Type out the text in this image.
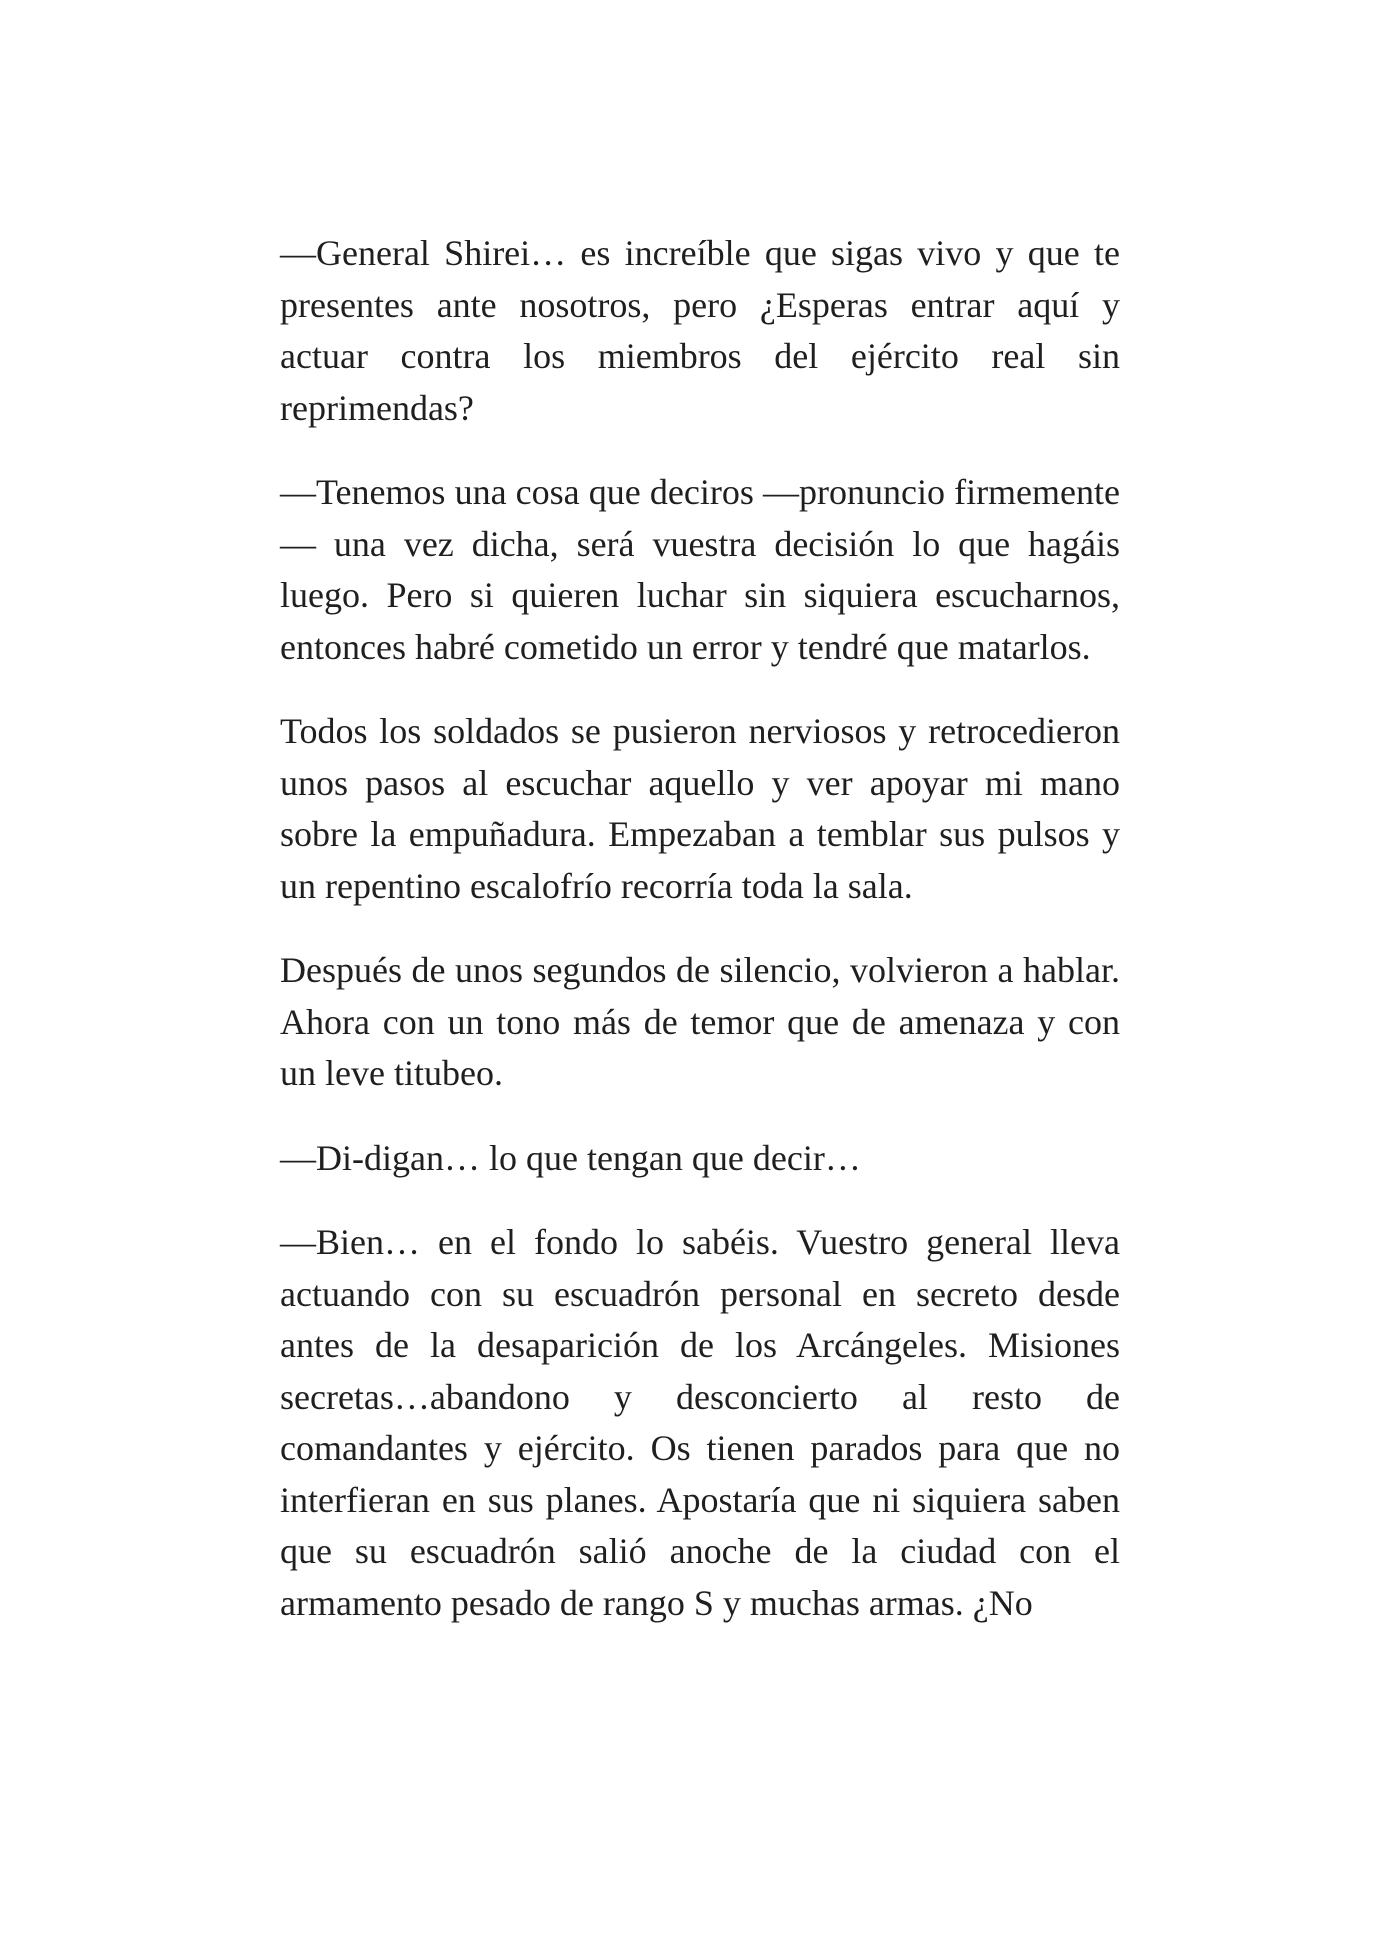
—General Shirei… es increíble que sigas vivo y que te presentes ante nosotros, pero ¿Esperas entrar aquí y actuar contra los miembros del ejército real sin reprimendas?

—Tenemos una cosa que deciros —pronuncio firmemente— una vez dicha, será vuestra decisión lo que hagáis luego. Pero si quieren luchar sin siquiera escucharnos, entonces habré cometido un error y tendré que matarlos.

Todos los soldados se pusieron nerviosos y retrocedieron unos pasos al escuchar aquello y ver apoyar mi mano sobre la empuñadura. Empezaban a temblar sus pulsos y un repentino escalofrío recorría toda la sala.

Después de unos segundos de silencio, volvieron a hablar. Ahora con un tono más de temor que de amenaza y con un leve titubeo.

—Di-digan… lo que tengan que decir…

—Bien… en el fondo lo sabéis. Vuestro general lleva actuando con su escuadrón personal en secreto desde antes de la desaparición de los Arcángeles. Misiones secretas…abandono y desconcierto al resto de comandantes y ejército. Os tienen parados para que no interfieran en sus planes. Apostaría que ni siquiera saben que su escuadrón salió anoche de la ciudad con el armamento pesado de rango S y muchas armas. ¿No
